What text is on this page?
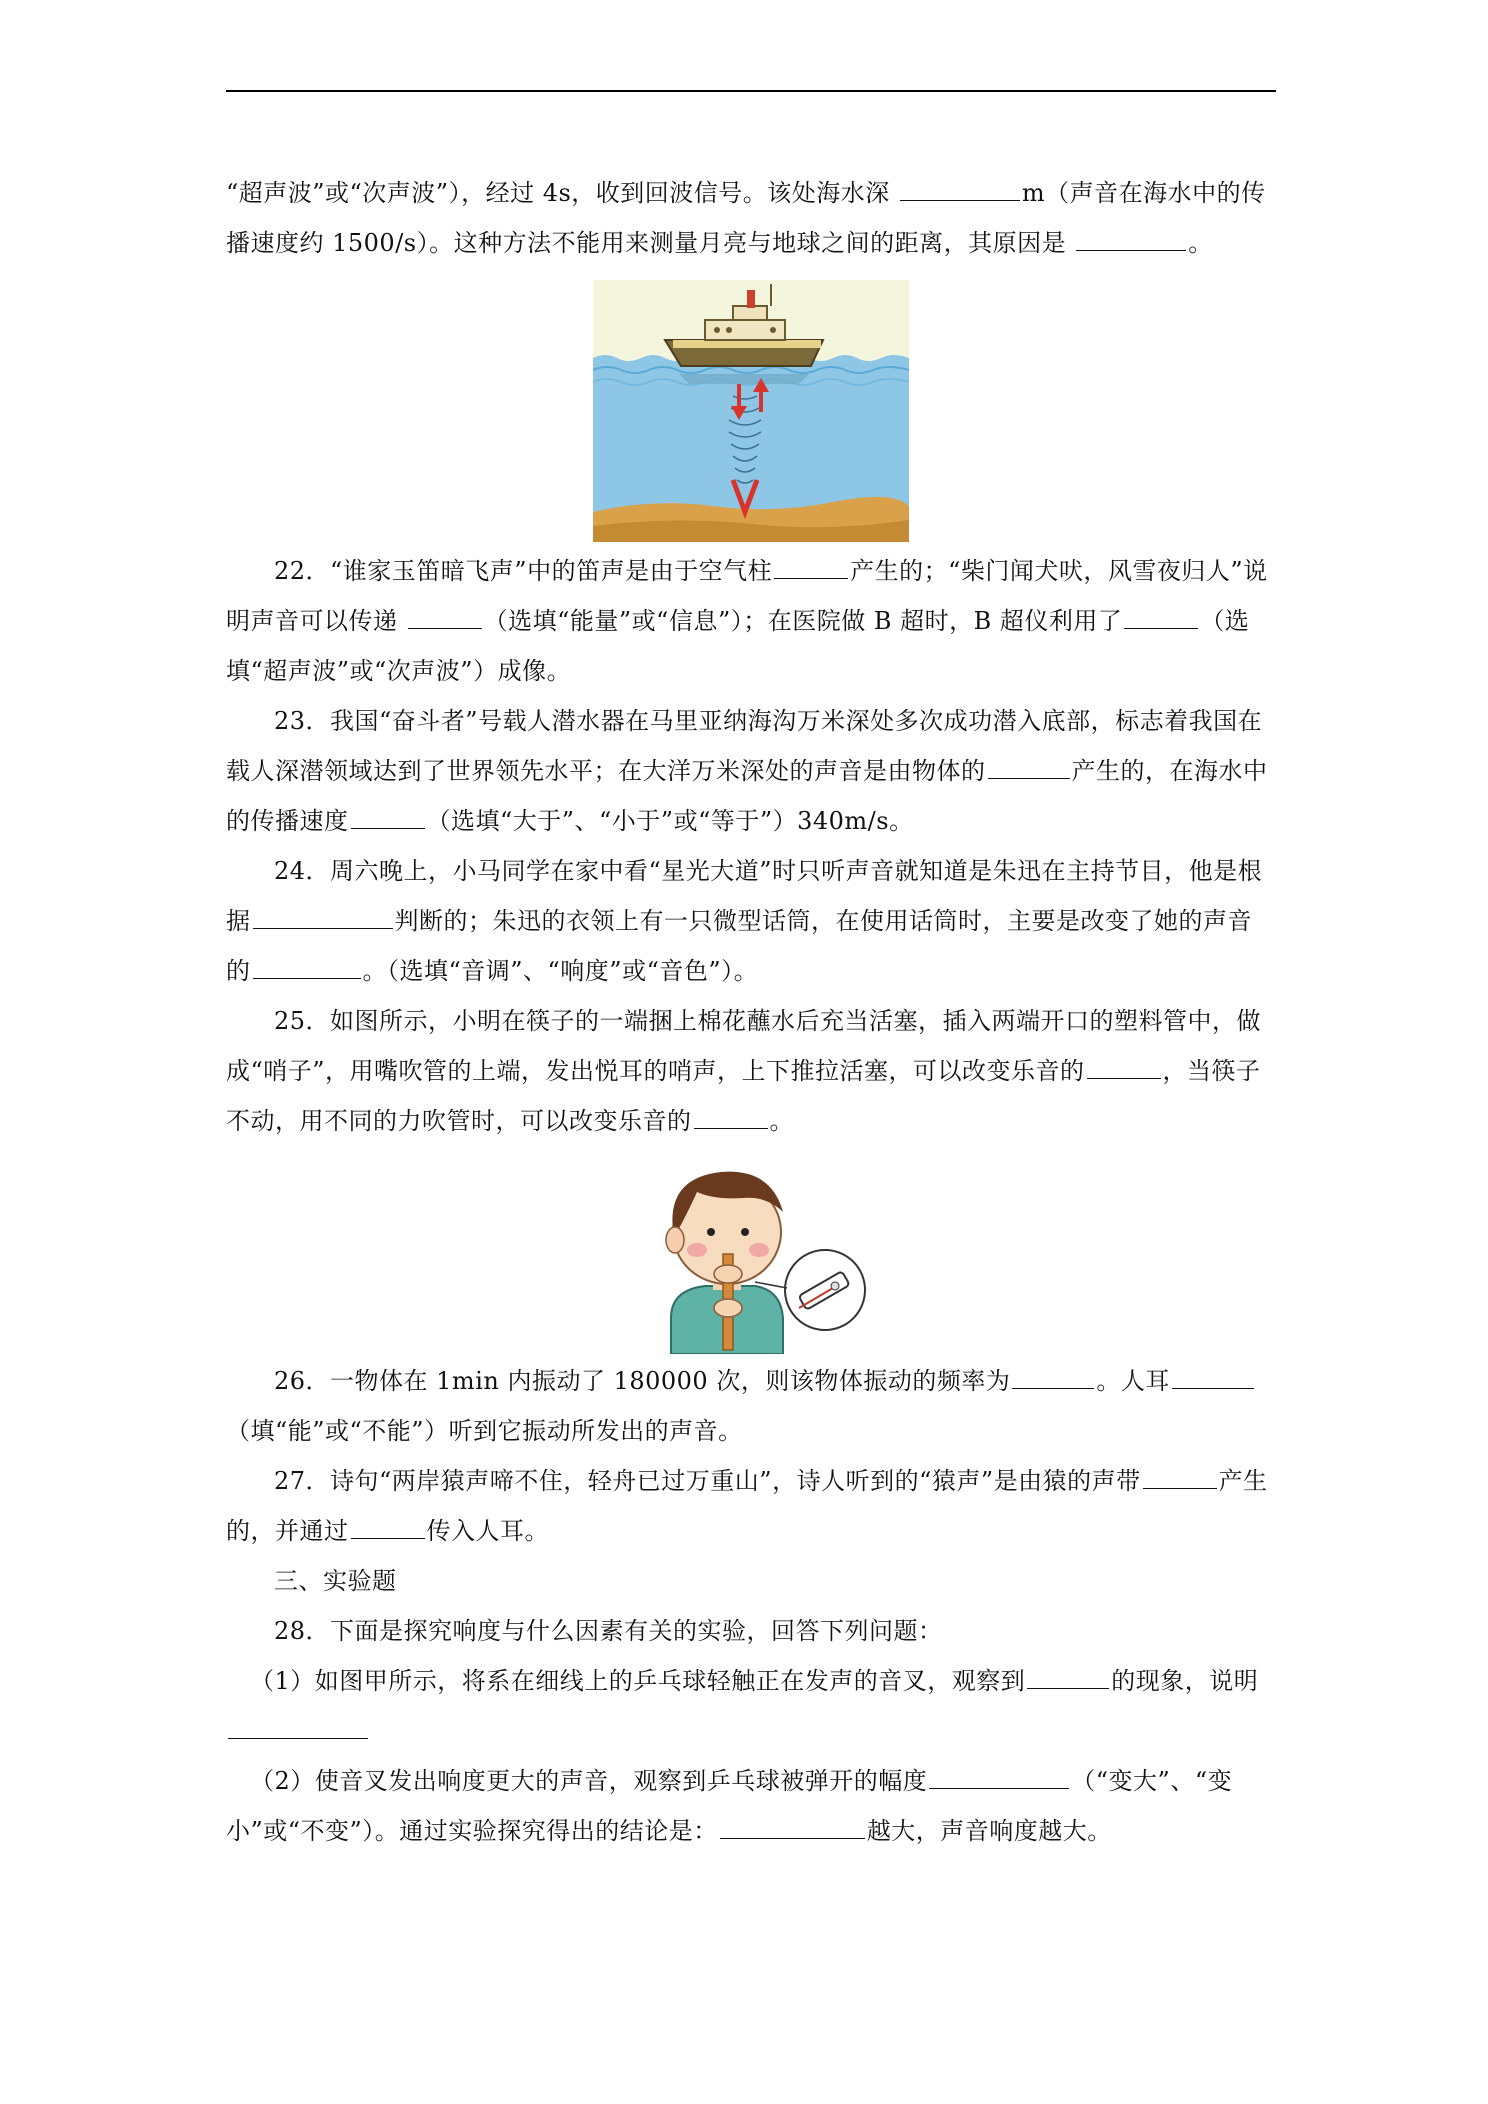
“超声波”或“次声波”），经过 4s，收到回波信号。该处海水深	m（声音在海水中的传播速度约 1500/s）。这种方法不能用来测量月亮与地球之间的距离，其原因是	。

22．“谁家玉笛暗飞声”中的笛声是由于空气柱	产生的；“柴门闻犬吠，风雪夜归人”说明声音可以传递	（选填“能量”或“信息”）；在医院做 B 超时，B 超仪利用了	（选填“超声波”或“次声波”）成像。

23．我国“奋斗者”号载人潜水器在马里亚纳海沟万米深处多次成功潜入底部，标志着我国在载人深潜领域达到了世界领先水平；在大洋万米深处的声音是由物体的	产生的，在海水中的传播速度	（选填“大于”、“小于”或“等于”）340m/s。

24．周六晚上，小马同学在家中看“星光大道”时只听声音就知道是朱迅在主持节目，他是根据	判断的；朱迅的衣领上有一只微型话筒，在使用话筒时，主要是改变了她的声音的	。（选填“音调”、“响度”或“音色”）。

25．如图所示，小明在筷子的一端捆上棉花蘸水后充当活塞，插入两端开口的塑料管中，做成“哨子”，用嘴吹管的上端，发出悦耳的哨声，上下推拉活塞，可以改变乐音的	，当筷子不动，用不同的力吹管时，可以改变乐音的	。

26．一物体在 1min 内振动了 180000 次，则该物体振动的频率为	。人耳（填“能”或“不能”）听到它振动所发出的声音。

27．诗句“两岸猿声啼不住，轻舟已过万重山”，诗人听到的“猿声”是由猿的声带	产生的，并通过	传入人耳。

三、实验题

28．下面是探究响度与什么因素有关的实验，回答下列问题：

（1）如图甲所示，将系在细线上的乒乓球轻触正在发声的音叉，观察到	的现象，说明

（2）使音叉发出响度更大的声音，观察到乒乓球被弹开的幅度	（“变大”、“变小”或“不变”）。通过实验探究得出的结论是：	越大，声音响度越大。
